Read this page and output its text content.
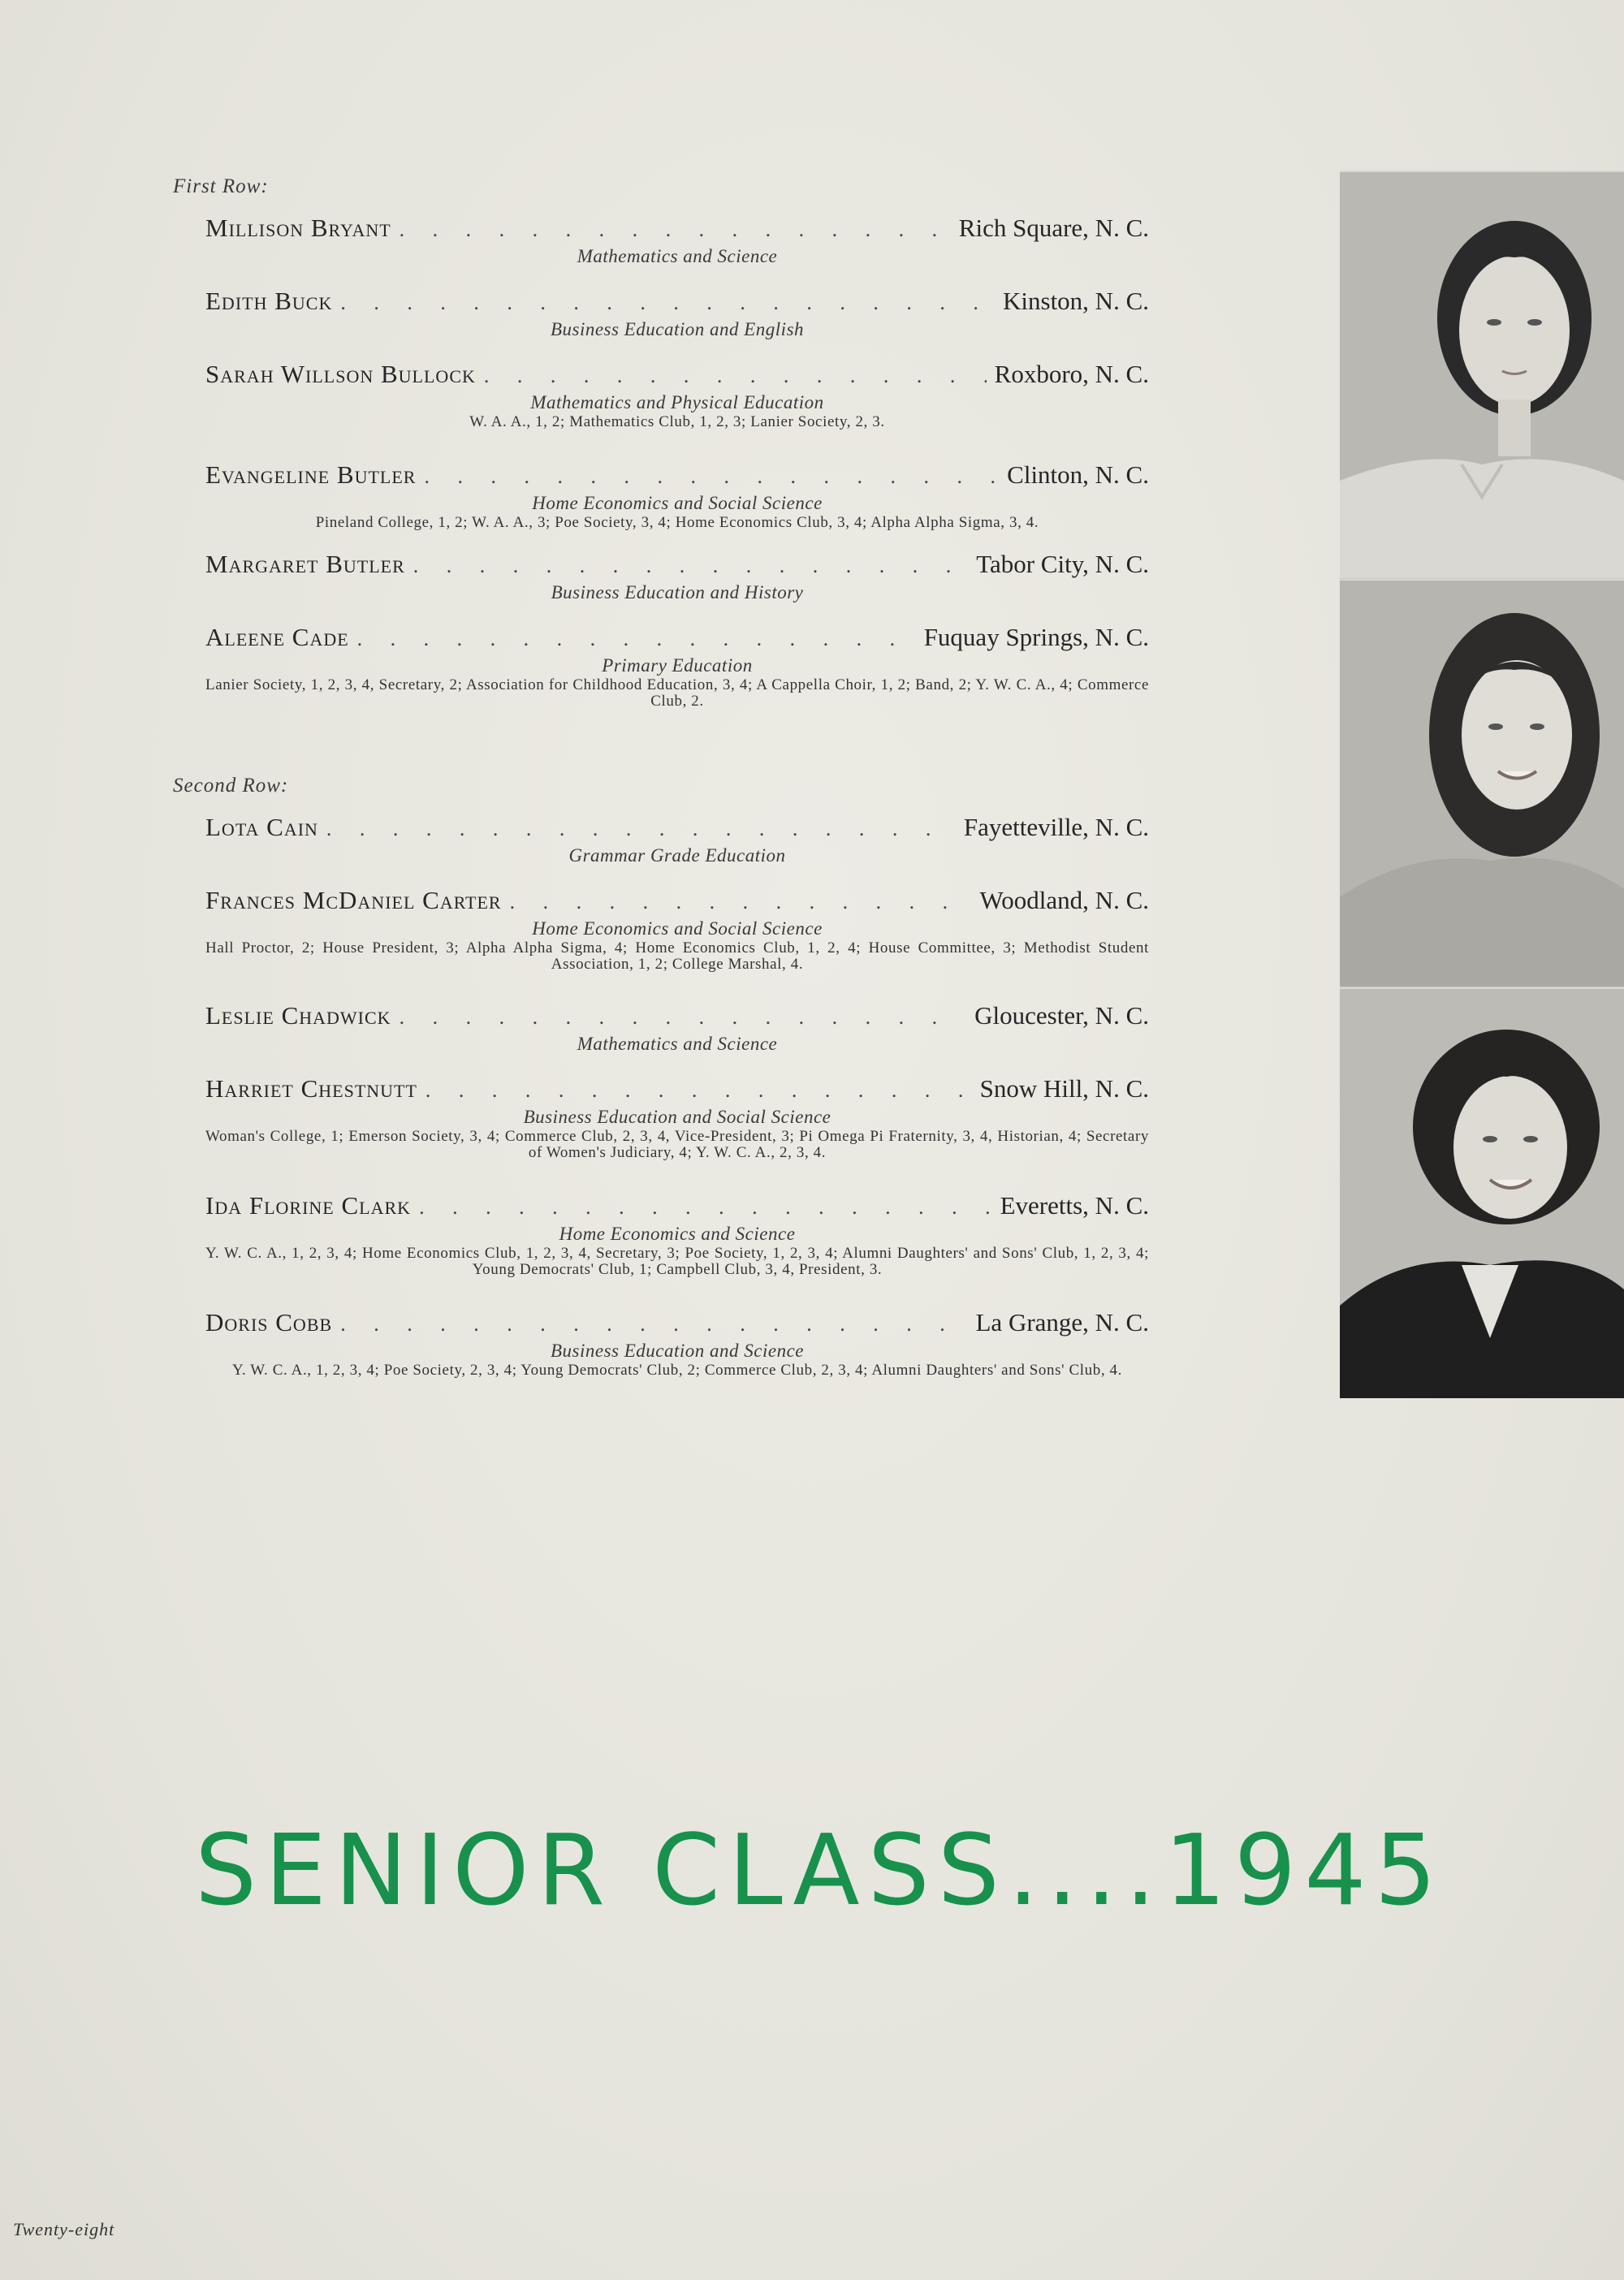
First Row:
Millison Bryant . . .	Rich Square, N. C.
Mathematics and Science
Edith Buck . . .	Kinston, N. C.
Business Education and English
Sarah Willson Bullock . . .	Roxboro, N. C.
Mathematics and Physical Education
W. A. A., 1, 2; Mathematics Club, 1, 2, 3; Lanier Society, 2, 3.
Evangeline Butler . . .	Clinton, N. C.
Home Economics and Social Science
Pineland College, 1, 2; W. A. A., 3; Poe Society, 3, 4; Home Economics Club, 3, 4; Alpha Alpha Sigma, 3, 4.
Margaret Butler . . .	Tabor City, N. C.
Business Education and History
Aleene Cade . . .	Fuquay Springs, N. C.
Primary Education
Lanier Society, 1, 2, 3, 4, Secretary, 2; Association for Childhood Education, 3, 4; A Cappella Choir, 1, 2; Band, 2; Y. W. C. A., 4; Commerce Club, 2.
Second Row:
Lota Cain . . .	Fayetteville, N. C.
Grammar Grade Education
Frances McDaniel Carter . . .	Woodland, N. C.
Home Economics and Social Science
Hall Proctor, 2; House President, 3; Alpha Alpha Sigma, 4; Home Economics Club, 1, 2, 4; House Committee, 3; Methodist Student Association, 1, 2; College Marshal, 4.
Leslie Chadwick . . .	Gloucester, N. C.
Mathematics and Science
Harriet Chestnutt . . .	Snow Hill, N. C.
Business Education and Social Science
Woman's College, 1; Emerson Society, 3, 4; Commerce Club, 2, 3, 4, Vice-President, 3; Pi Omega Pi Fraternity, 3, 4, Historian, 4; Secretary of Women's Judiciary, 4; Y. W. C. A., 2, 3, 4.
Ida Florine Clark . . .	Everetts, N. C.
Home Economics and Science
Y. W. C. A., 1, 2, 3, 4; Home Economics Club, 1, 2, 3, 4, Secretary, 3; Poe Society, 1, 2, 3, 4; Alumni Daughters' and Sons' Club, 1, 2, 3, 4; Young Democrats' Club, 1; Campbell Club, 3, 4, President, 3.
Doris Cobb . . .	La Grange, N. C.
Business Education and Science
Y. W. C. A., 1, 2, 3, 4; Poe Society, 2, 3, 4; Young Democrats' Club, 2; Commerce Club, 2, 3, 4; Alumni Daughters' and Sons' Club, 4.
SENIOR CLASS....1945
Twenty-eight
